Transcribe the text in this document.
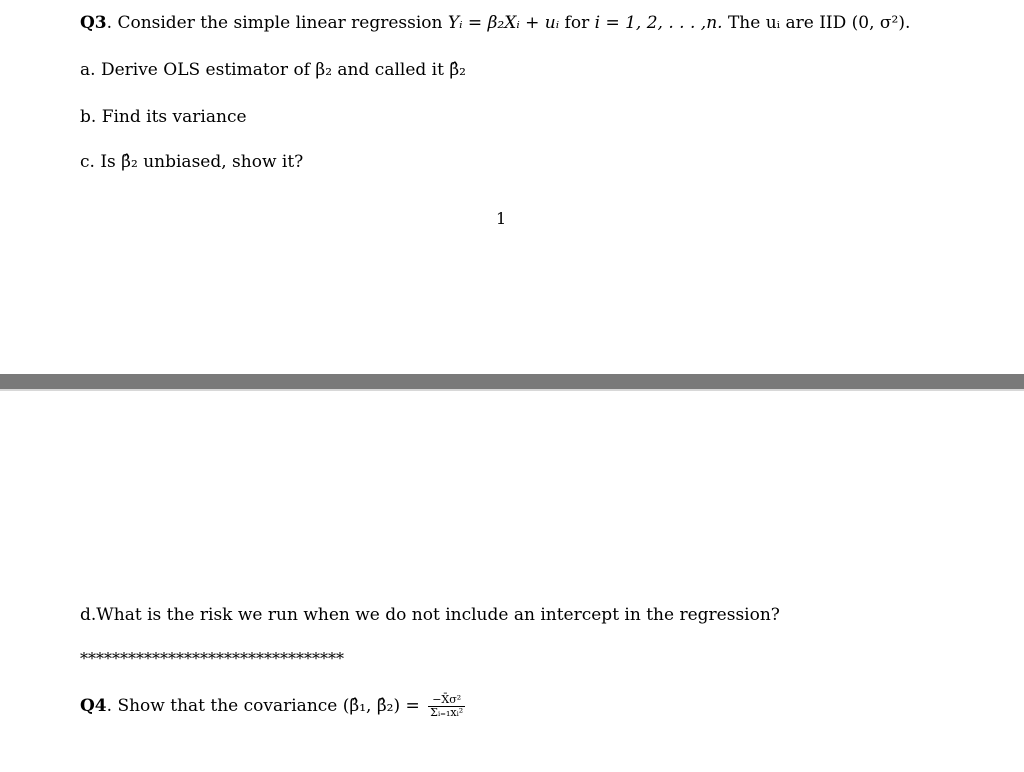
Q3. Consider the simple linear regression Yᵢ = β₂Xᵢ + uᵢ for i = 1, 2, . . . ,n. The uᵢ are IID (0, σ²).
a. Derive OLS estimator of β₂ and called it β̂₂
b. Find its variance
c. Is β̂₂ unbiased, show it?
1
d.What is the risk we run when we do not include an intercept in the regression?
*********************************
Q4. Show that the covariance (β̂₁, β̂₂) = $\frac{\text{−X̄σ²}}{\text{Σᵢ₌₁xᵢ²}}$
